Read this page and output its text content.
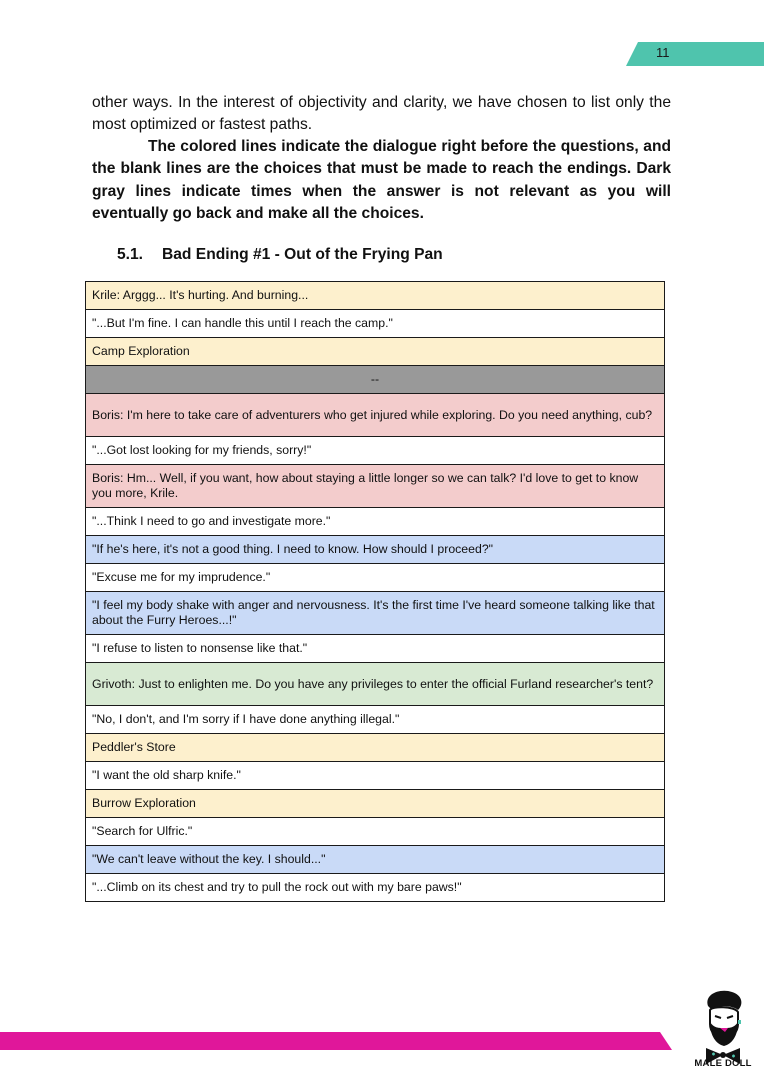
11

other ways. In the interest of objectivity and clarity, we have chosen to list only the most optimized or fastest paths.

The colored lines indicate the dialogue right before the questions, and the blank lines are the choices that must be made to reach the endings. Dark gray lines indicate times when the answer is not relevant as you will eventually go back and make all the choices.

5.1. Bad Ending #1 - Out of the Frying Pan
Krile: Arggg... It's hurting. And burning...
"...But I'm fine. I can handle this until I reach the camp."
Camp Exploration
--
Boris: I'm here to take care of adventurers who get injured while exploring. Do you need anything, cub?
"...Got lost looking for my friends, sorry!"
Boris: Hm... Well, if you want, how about staying a little longer so we can talk? I'd love to get to know you more, Krile.
"...Think I need to go and investigate more."
"If he's here, it's not a good thing. I need to know. How should I proceed?"
"Excuse me for my imprudence."
"I feel my body shake with anger and nervousness. It's the first time I've heard someone talking like that about the Furry Heroes...!"
"I refuse to listen to nonsense like that."
Grivoth: Just to enlighten me. Do you have any privileges to enter the official Furland researcher's tent?
"No, I don't, and I'm sorry if I have done anything illegal."
Peddler's Store
"I want the old sharp knife."
Burrow Exploration
"Search for Ulfric."
"We can't leave without the key. I should..."
"...Climb on its chest and try to pull the rock out with my bare paws!"
MALE DOLL
